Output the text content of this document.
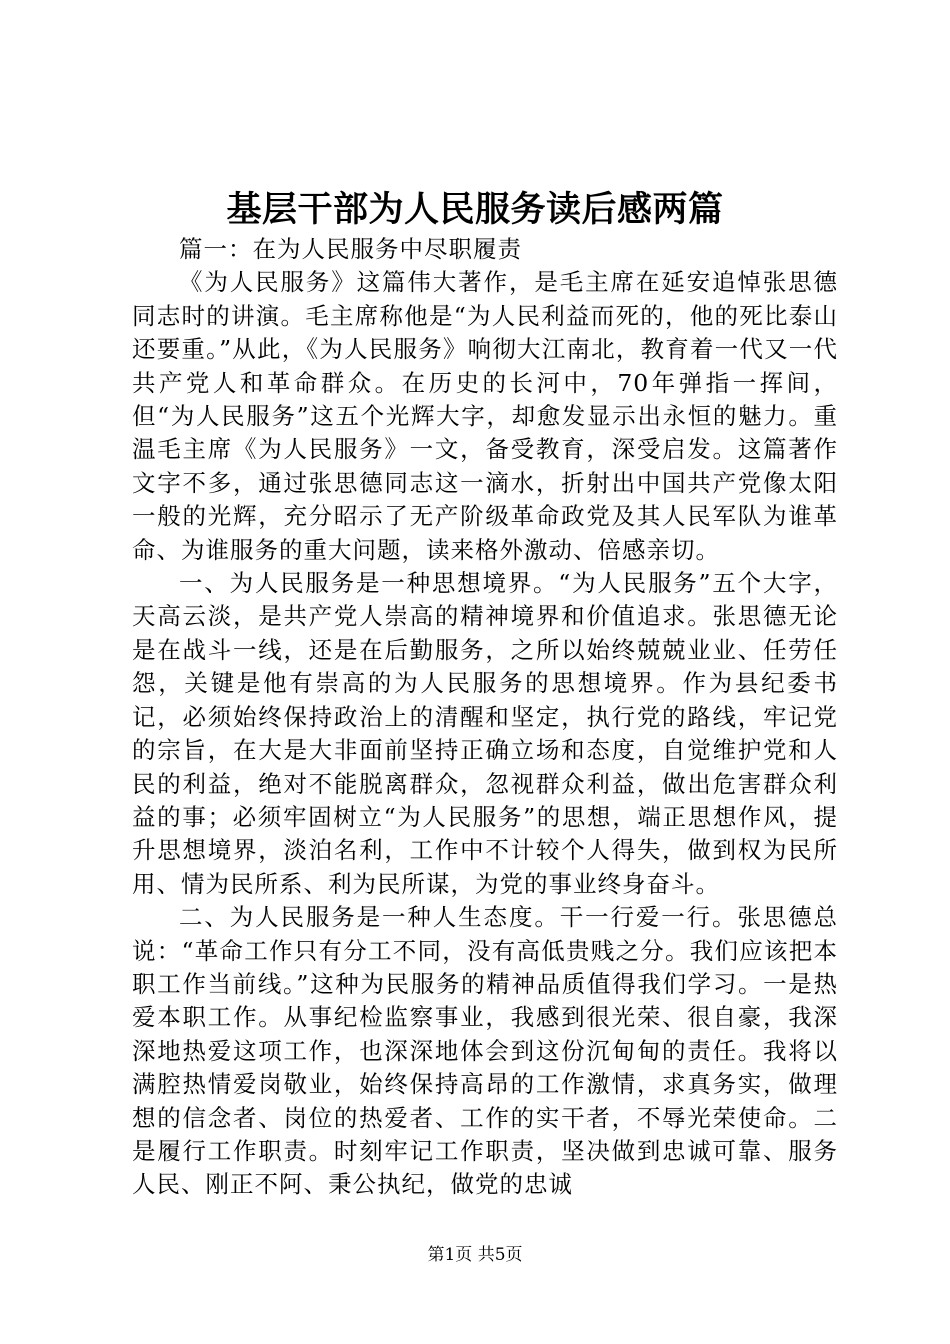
基层干部为人民服务读后感两篇

篇一：在为人民服务中尽职履责

《为人民服务》这篇伟大著作，是毛主席在延安追悼张思德同志时的讲演。毛主席称他是“为人民利益而死的，他的死比泰山还要重。”从此，《为人民服务》响彻大江南北，教育着一代又一代共产党人和革命群众。在历史的长河中，70年弹指一挥间，但“为人民服务”这五个光辉大字，却愈发显示出永恒的魅力。重温毛主席《为人民服务》一文，备受教育，深受启发。这篇著作文字不多，通过张思德同志这一滴水，折射出中国共产党像太阳一般的光辉，充分昭示了无产阶级革命政党及其人民军队为谁革命、为谁服务的重大问题，读来格外激动、倍感亲切。

一、为人民服务是一种思想境界。“为人民服务”五个大字，天高云淡，是共产党人崇高的精神境界和价值追求。张思德无论是在战斗一线，还是在后勤服务，之所以始终兢兢业业、任劳任怨，关键是他有崇高的为人民服务的思想境界。作为县纪委书记，必须始终保持政治上的清醒和坚定，执行党的路线，牢记党的宗旨，在大是大非面前坚持正确立场和态度，自觉维护党和人民的利益，绝对不能脱离群众，忽视群众利益，做出危害群众利益的事；必须牢固树立“为人民服务”的思想，端正思想作风，提升思想境界，淡泊名利，工作中不计较个人得失，做到权为民所用、情为民所系、利为民所谋，为党的事业终身奋斗。

二、为人民服务是一种人生态度。干一行爱一行。张思德总说：“革命工作只有分工不同，没有高低贵贱之分。我们应该把本职工作当前线。”这种为民服务的精神品质值得我们学习。一是热爱本职工作。从事纪检监察事业，我感到很光荣、很自豪，我深深地热爱这项工作，也深深地体会到这份沉甸甸的责任。我将以满腔热情爱岗敬业，始终保持高昂的工作激情，求真务实，做理想的信念者、岗位的热爱者、工作的实干者，不辱光荣使命。二是履行工作职责。时刻牢记工作职责，坚决做到忠诚可靠、服务人民、刚正不阿、秉公执纪，做党的忠诚

第1页 共5页
